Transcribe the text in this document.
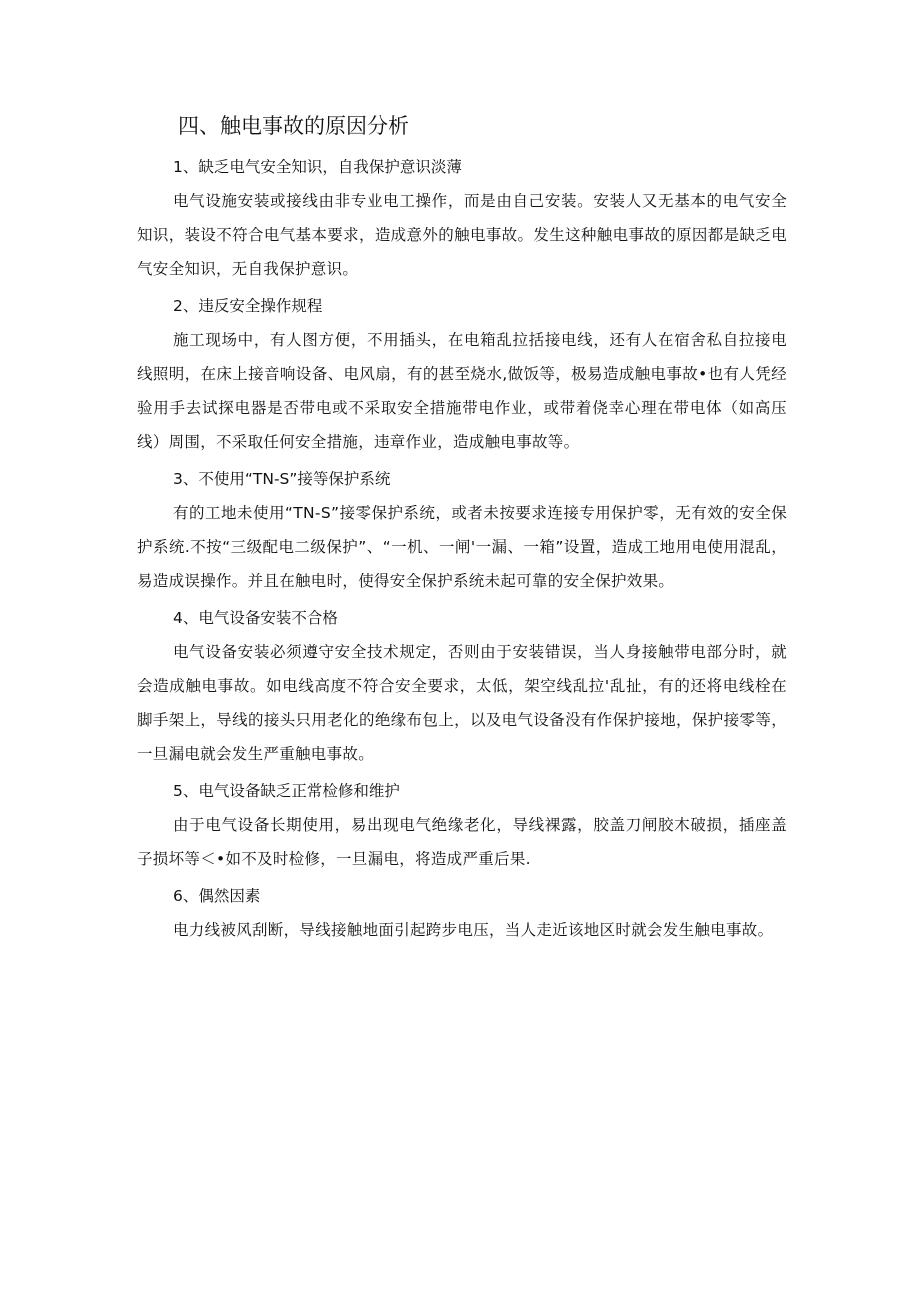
四、触电事故的原因分析

1、缺乏电气安全知识，自我保护意识淡薄

电气设施安装或接线由非专业电工操作，而是由自己安装。安装人又无基本的电气安全知识，装设不符合电气基本要求，造成意外的触电事故。发生这种触电事故的原因都是缺乏电气安全知识，无自我保护意识。

2、违反安全操作规程

施工现场中，有人图方便，不用插头，在电箱乱拉括接电线，还有人在宿舍私自拉接电线照明，在床上接音响设备、电风扇，有的甚至烧水,做饭等，极易造成触电事故•也有人凭经验用手去试探电器是否带电或不采取安全措施带电作业，或带着侥幸心理在带电体（如高压线）周围，不采取任何安全措施，违章作业，造成触电事故等。

3、不使用“TN-S”接等保护系统

有的工地未使用“TN-S”接零保护系统，或者未按要求连接专用保护零，无有效的安全保护系统.不按“三级配电二级保护”、“一机、一闸'一漏、一箱”设置，造成工地用电使用混乱，易造成误操作。并且在触电时，使得安全保护系统未起可靠的安全保护效果。

4、电气设备安装不合格

电气设备安装必须遵守安全技术规定，否则由于安装错误，当人身接触带电部分时，就会造成触电事故。如电线高度不符合安全要求，太低，架空线乱拉'乱扯，有的还将电线栓在脚手架上，导线的接头只用老化的绝缘布包上，以及电气设备没有作保护接地，保护接零等，一旦漏电就会发生严重触电事故。

5、电气设备缺乏正常检修和维护

由于电气设备长期使用，易出现电气绝缘老化，导线裸露，胶盖刀闸胶木破损，插座盖子损坏等＜•如不及时检修，一旦漏电，将造成严重后果.

6、偶然因素

电力线被风刮断，导线接触地面引起跨步电压，当人走近该地区时就会发生触电事故。
